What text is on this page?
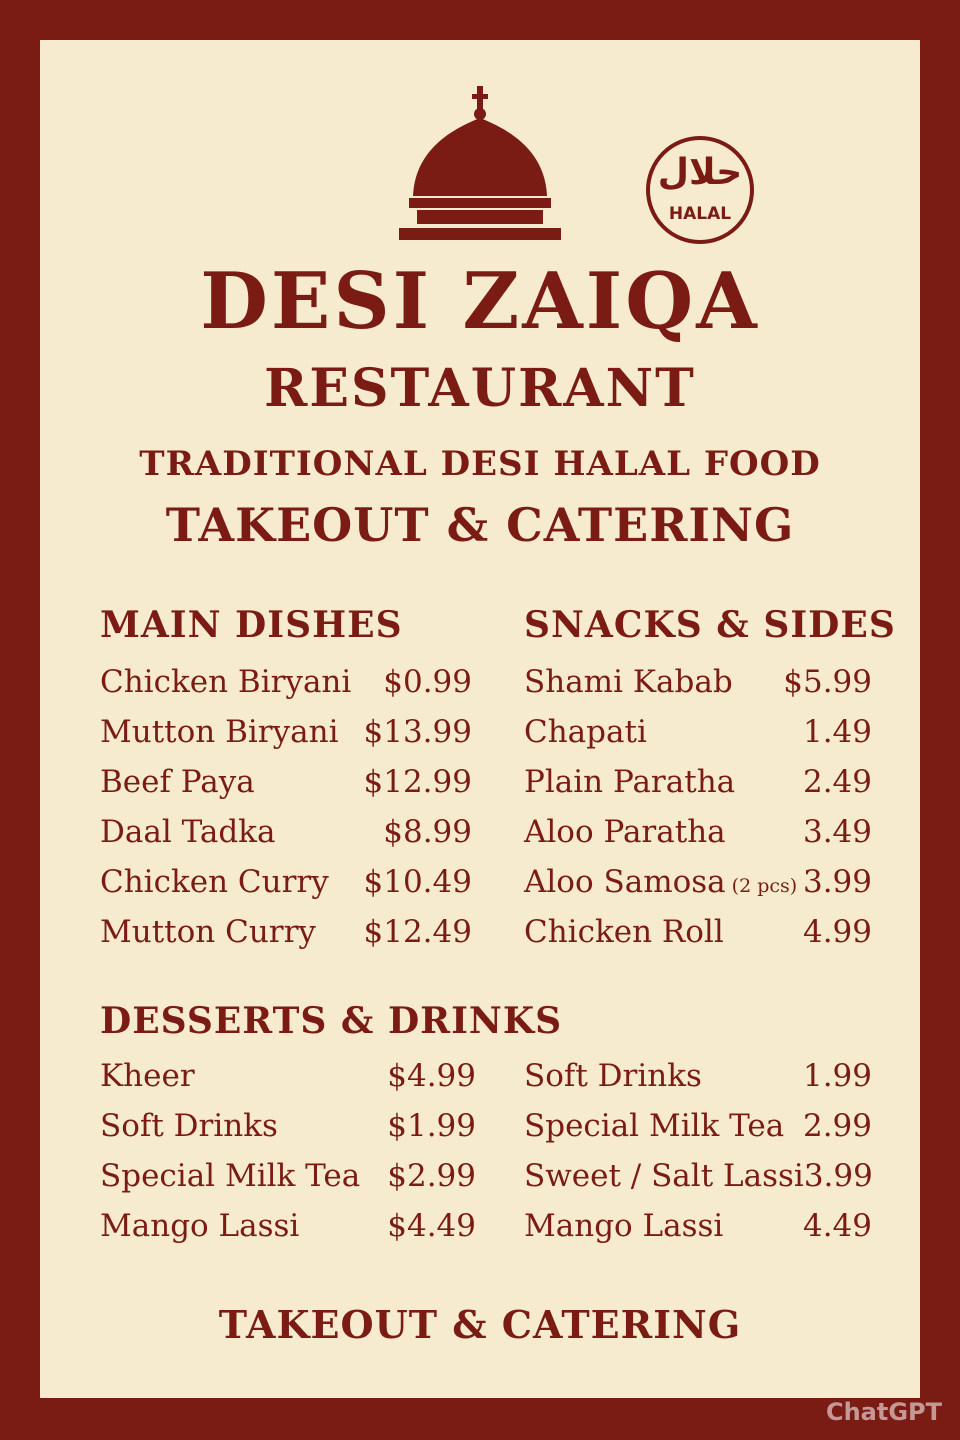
حلال
HALAL
DESI ZAIQA
RESTAURANT
TRADITIONAL DESI HALAL FOOD
TAKEOUT & CATERING
MAIN DISHES
Chicken Biryani $0.99
Mutton Biryani $13.99
Beef Paya	$12.99
Daal Tadka	$8.99
Chicken Curry $10.49
Mutton Curry $12.49
SNACKS & SIDES
Shami Kabab $5.99
Chapati	1.49
Plain Paratha 2.49
Aloo Paratha 3.49
Aloo Samosa (2 pcs) 3.99
Chicken Roll	4.99
DESSERTS & DRINKS
Kheer	$4.99
Soft Drinks	$1.99
Special Milk Tea $2.99
Mango Lassi	$4.49
Soft Drinks	1.99
Special Milk Tea 2.99
Sweet / Salt Lassi 3.99
Mango Lassi	4.49
TAKEOUT & CATERING
ChatGPT
